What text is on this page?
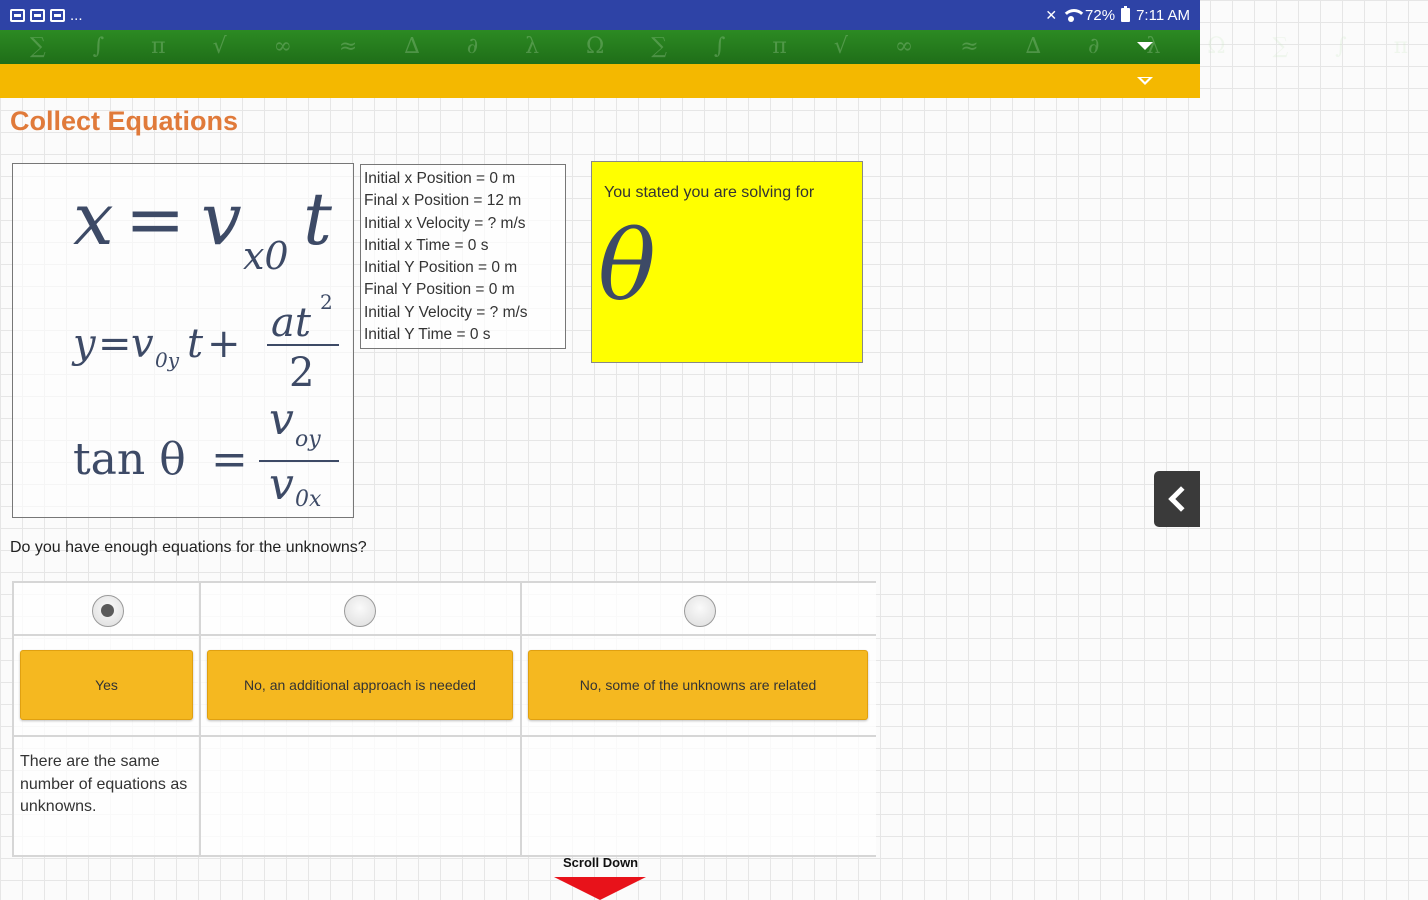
...	✕ 72% 7:11 AM
∑ ∫ π √ ∞ ≈ ∆ ∂ λ Ω ∑ ∫ π √ ∞ ≈ ∆ ∂ λ Ω ∑ ∫ π
Collect Equations
x = v x0 t
y = v 0y t + at 2
2
tan θ =
v oy
v 0x
Initial x Position = 0 m
Final x Position = 12 m
Initial x Velocity = ? m/s
Initial x Time = 0 s
Initial Y Position = 0 m
Final Y Position = 0 m
Initial Y Velocity = ? m/s
Initial Y Time = 0 s
You stated you are solving for
θ
Do you have enough equations for the unknowns?
Yes	No, an additional approach is needed	No, some of the unknowns are related
There are the same number of equations as unknowns.
Scroll Down
